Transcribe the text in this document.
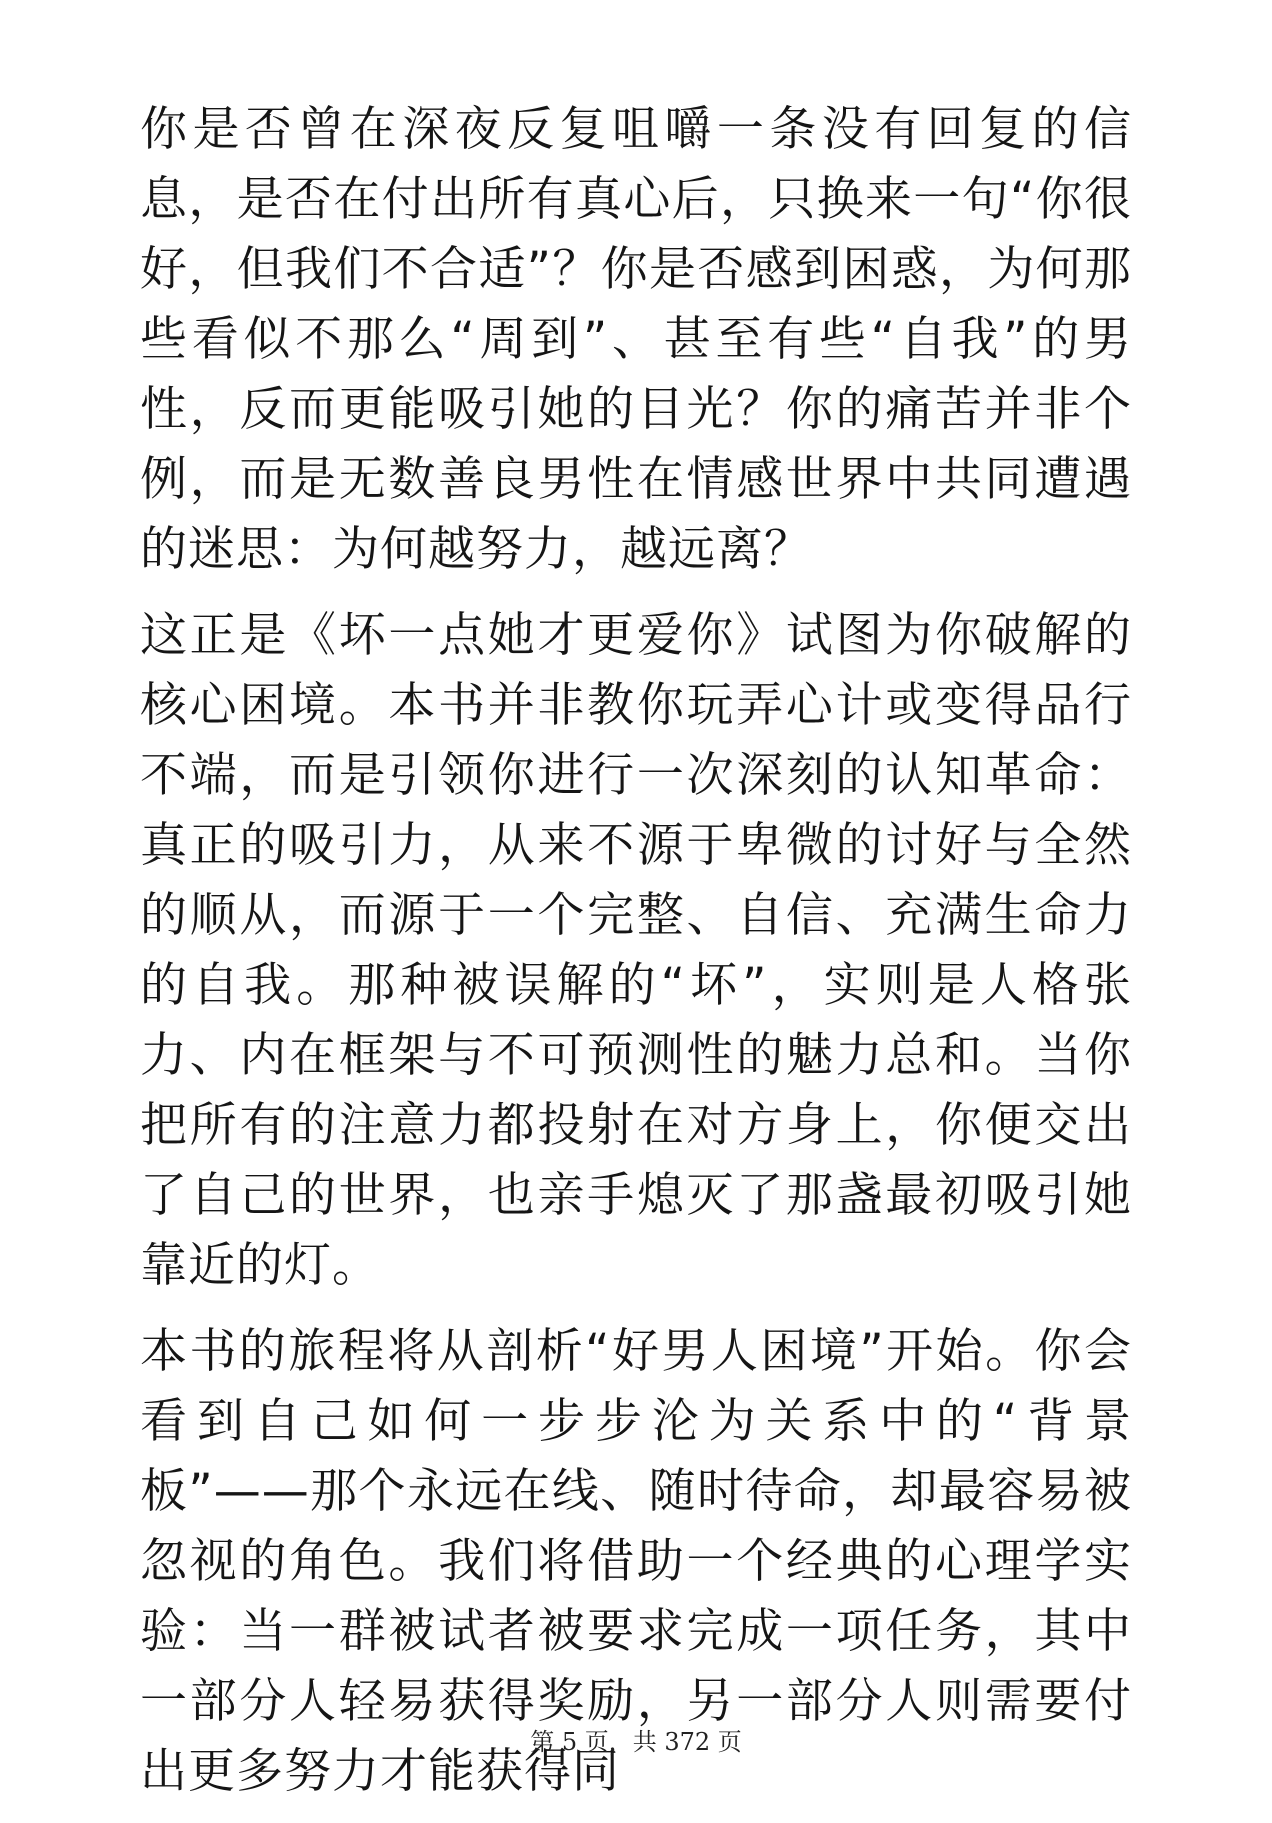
你是否曾在深夜反复咀嚼一条没有回复的信息，是否在付出所有真心后，只换来一句“你很好，但我们不合适”？你是否感到困惑，为何那些看似不那么“周到”、甚至有些“自我”的男性，反而更能吸引她的目光？你的痛苦并非个例，而是无数善良男性在情感世界中共同遭遇的迷思：为何越努力，越远离？

这正是《坏一点她才更爱你》试图为你破解的核心困境。本书并非教你玩弄心计或变得品行不端，而是引领你进行一次深刻的认知革命：真正的吸引力，从来不源于卑微的讨好与全然的顺从，而源于一个完整、自信、充满生命力的自我。那种被误解的“坏”，实则是人格张力、内在框架与不可预测性的魅力总和。当你把所有的注意力都投射在对方身上，你便交出了自己的世界，也亲手熄灭了那盏最初吸引她靠近的灯。

本书的旅程将从剖析“好男人困境”开始。你会看到自己如何一步步沦为关系中的“背景板”——那个永远在线、随时待命，却最容易被忽视的角色。我们将借助一个经典的心理学实验：当一群被试者被要求完成一项任务，其中一部分人轻易获得奖励，另一部分人则需要付出更多努力才能获得同

第 5 页，共 372 页
